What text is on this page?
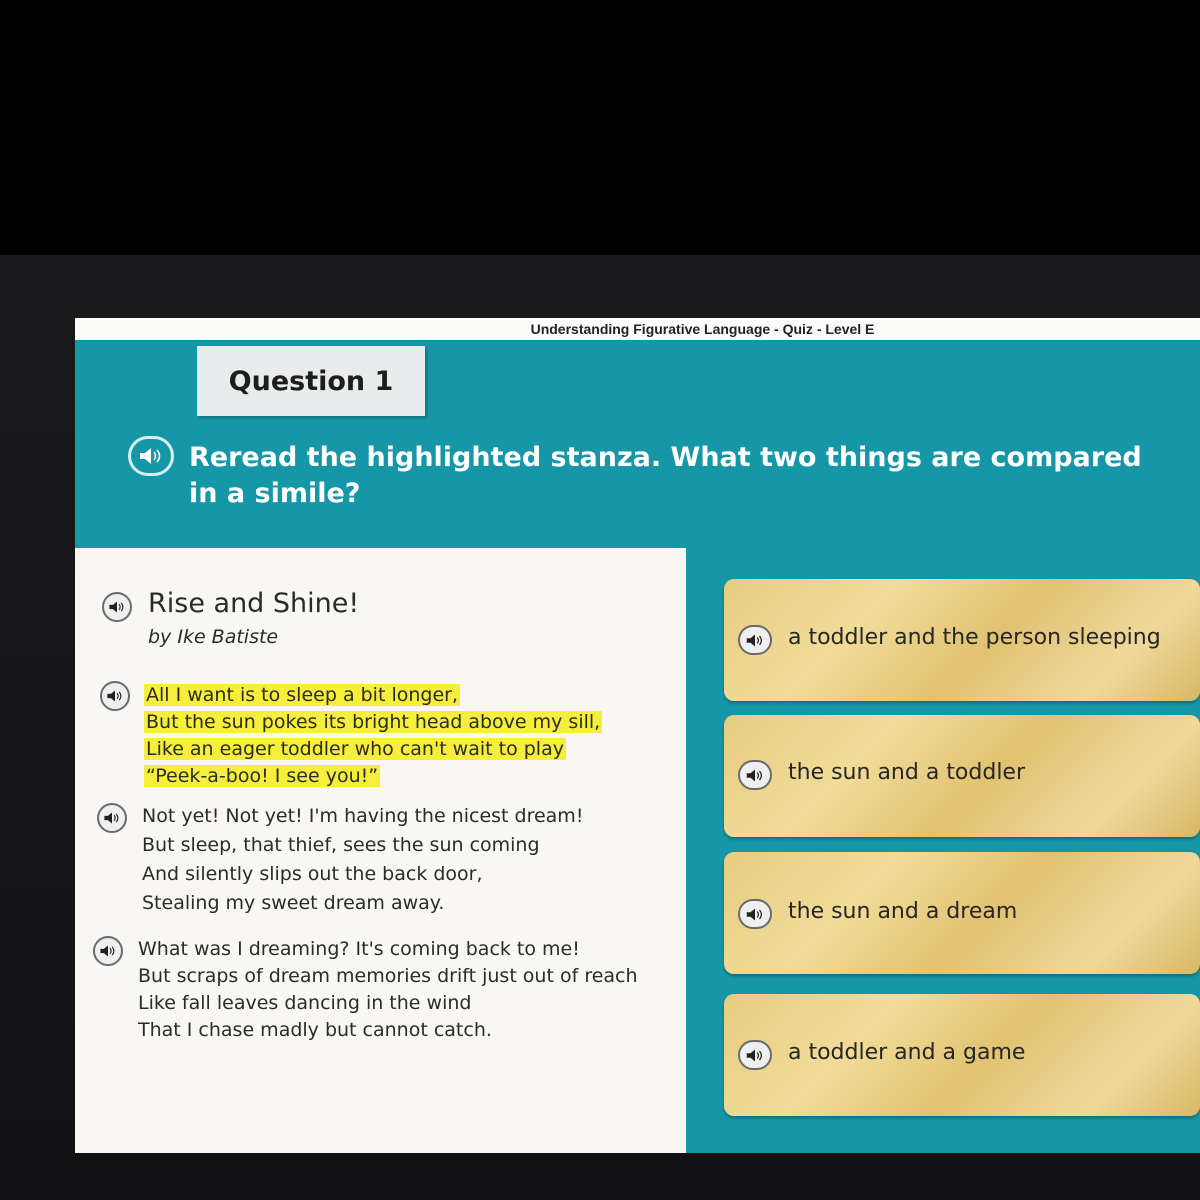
Understanding Figurative Language - Quiz - Level E
Question 1
Reread the highlighted stanza. What two things are compared in a simile?
Rise and Shine!
by Ike Batiste
All I want is to sleep a bit longer,
But the sun pokes its bright head above my sill,
Like an eager toddler who can't wait to play
“Peek-a-boo! I see you!”
Not yet! Not yet! I'm having the nicest dream!
But sleep, that thief, sees the sun coming
And silently slips out the back door,
Stealing my sweet dream away.
What was I dreaming? It's coming back to me!
But scraps of dream memories drift just out of reach
Like fall leaves dancing in the wind
That I chase madly but cannot catch.
a toddler and the person sleeping
the sun and a toddler
the sun and a dream
a toddler and a game
